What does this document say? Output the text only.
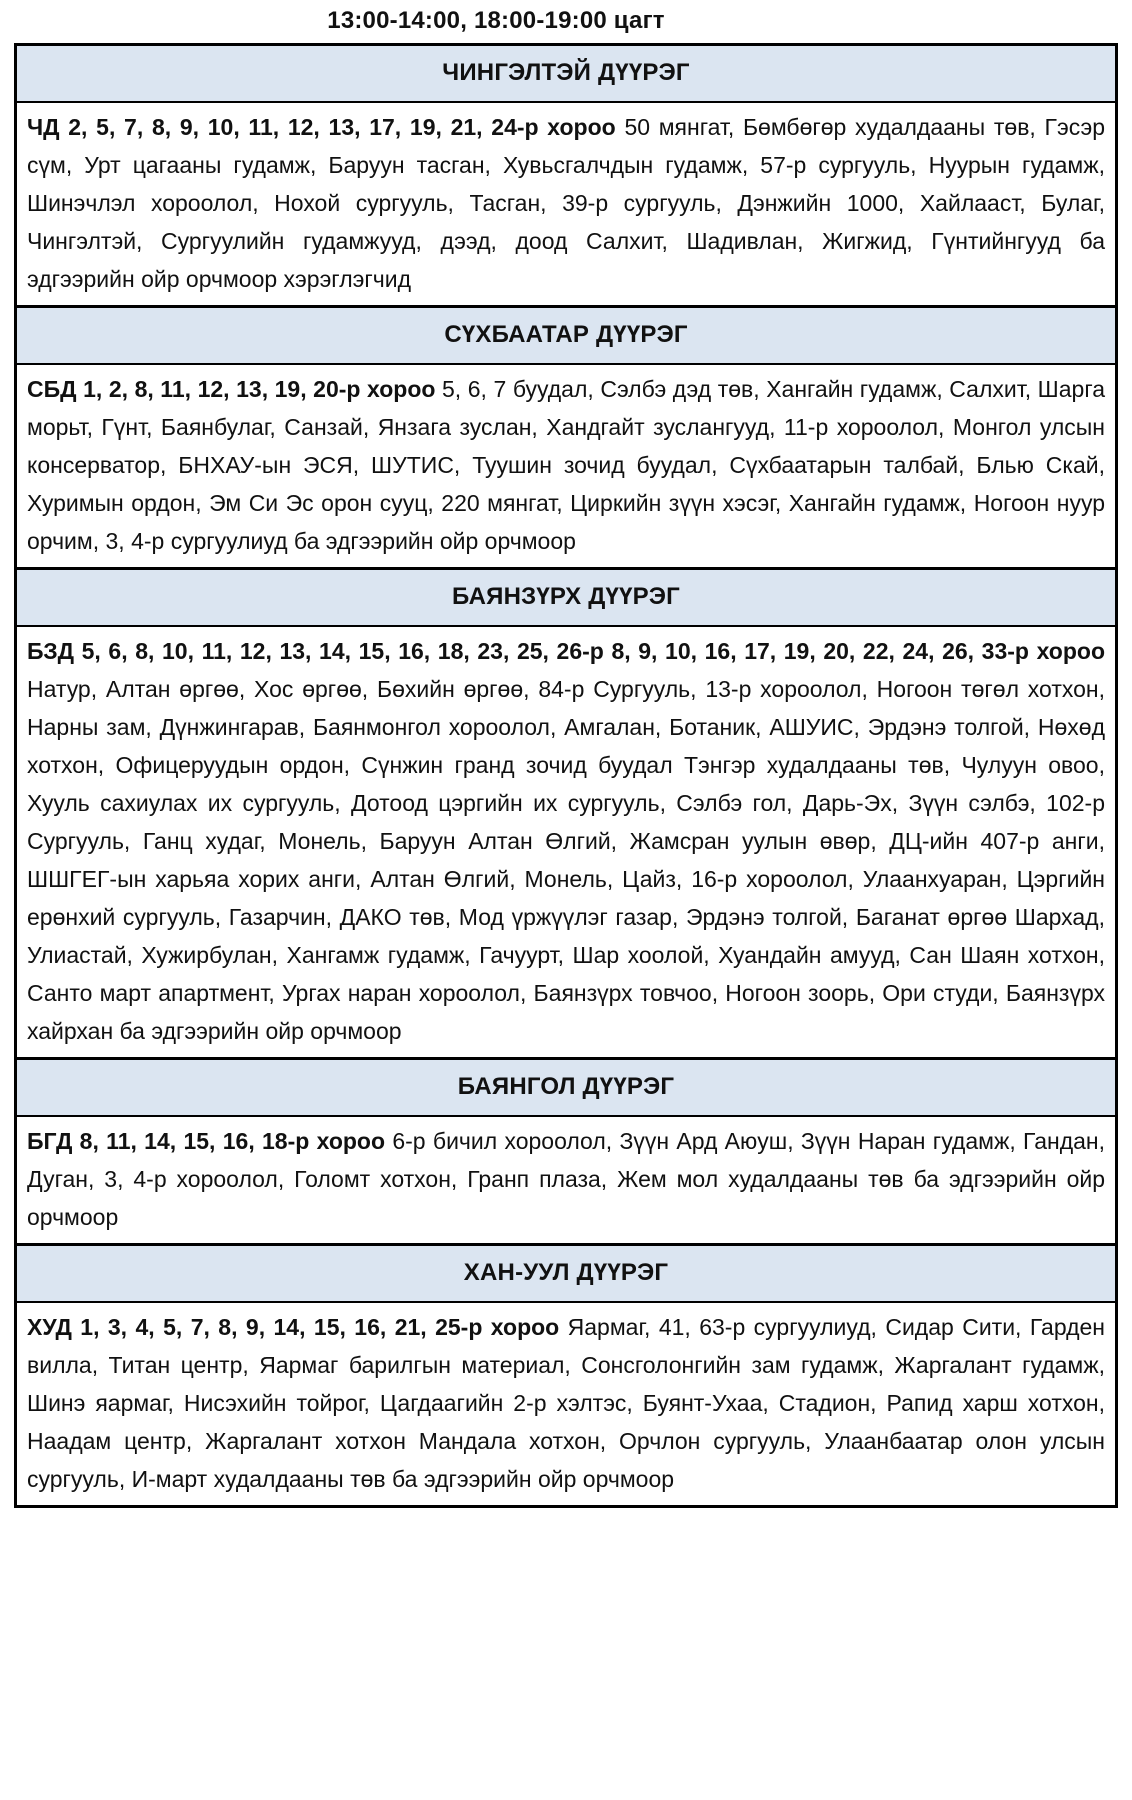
13:00-14:00, 18:00-19:00 цагт
ЧИНГЭЛТЭЙ ДҮҮРЭГ

ЧД 2, 5, 7, 8, 9, 10, 11, 12, 13, 17, 19, 21, 24-р хороо 50 мянгат, Бөмбөгөр худалдааны төв, Гэсэр сүм, Урт цагааны гудамж, Баруун тасган, Хувьсгалчдын гудамж, 57-р сургууль, Нуурын гудамж, Шинэчлэл хороолол, Нохой сургууль, Тасган, 39-р сургууль, Дэнжийн 1000, Хайлааст, Булаг, Чингэлтэй, Сургуулийн гудамжууд, дээд, доод Салхит, Шадивлан, Жигжид, Гүнтийнгууд ба эдгээрийн ойр орчмоор хэрэглэгчид

СҮХБААТАР ДҮҮРЭГ

СБД 1, 2, 8, 11, 12, 13, 19, 20-р хороо 5, 6, 7 буудал, Сэлбэ дэд төв, Хангайн гудамж, Салхит, Шарга морьт, Гүнт, Баянбулаг, Санзай, Янзага зуслан, Хандгайт зуслангууд, 11-р хороолол, Монгол улсын консерватор, БНХАУ-ын ЭСЯ, ШУТИС, Туушин зочид буудал, Сүхбаатарын талбай, Блью Скай, Хуримын ордон, Эм Си Эс орон сууц, 220 мянгат, Циркийн зүүн хэсэг, Хангайн гудамж, Ногоон нуур орчим, 3, 4-р сургуулиуд ба эдгээрийн ойр орчмоор

БАЯНЗҮРХ ДҮҮРЭГ

БЗД 5, 6, 8, 10, 11, 12, 13, 14, 15, 16, 18, 23, 25, 26-р 8, 9, 10, 16, 17, 19, 20, 22, 24, 26, 33-р хороо Натур, Алтан өргөө, Хос өргөө, Бөхийн өргөө, 84-р Сургууль, 13-р хороолол, Ногоон төгөл хотхон, Нарны зам, Дүнжингарав, Баянмонгол хороолол, Амгалан, Ботаник, АШУИС, Эрдэнэ толгой, Нөхөд хотхон, Офицеруудын ордон, Сүнжин гранд зочид буудал Тэнгэр худалдааны төв, Чулуун овоо, Хууль сахиулах их сургууль, Дотоод цэргийн их сургууль, Сэлбэ гол, Дарь-Эх, Зүүн сэлбэ, 102-р Сургууль, Ганц худаг, Монель, Баруун Алтан Өлгий, Жамсран уулын өвөр, ДЦ-ийн 407-р анги, ШШГЕГ-ын харьяа хорих анги, Алтан Өлгий, Монель, Цайз, 16-р хороолол, Улаанхуаран, Цэргийн ерөнхий сургууль, Газарчин, ДАКО төв, Мод үржүүлэг газар, Эрдэнэ толгой, Баганат өргөө Шархад, Улиастай, Хужирбулан, Хангамж гудамж, Гачуурт, Шар хоолой, Хуандайн амууд, Сан Шаян хотхон, Санто март апартмент, Ургах наран хороолол, Баянзүрх товчоо, Ногоон зоорь, Ори студи, Баянзүрх хайрхан ба эдгээрийн ойр орчмоор

БАЯНГОЛ ДҮҮРЭГ

БГД 8, 11, 14, 15, 16, 18-р хороо 6-р бичил хороолол, Зүүн Ард Аюуш, Зүүн Наран гудамж, Гандан, Дуган, 3, 4-р хороолол, Голомт хотхон, Гранп плаза, Жем мол худалдааны төв ба эдгээрийн ойр орчмоор

ХАН-УУЛ ДҮҮРЭГ

ХУД 1, 3, 4, 5, 7, 8, 9, 14, 15, 16, 21, 25-р хороо Яармаг, 41, 63-р сургуулиуд, Сидар Сити, Гарден вилла, Титан центр, Яармаг барилгын материал, Сонсголонгийн зам гудамж, Жаргалант гудамж, Шинэ яармаг, Нисэхийн тойрог, Цагдаагийн 2-р хэлтэс, Буянт-Ухаа, Стадион, Рапид харш хотхон, Наадам центр, Жаргалант хотхон Мандала хотхон, Орчлон сургууль, Улаанбаатар олон улсын сургууль, И-март худалдааны төв ба эдгээрийн ойр орчмоор
